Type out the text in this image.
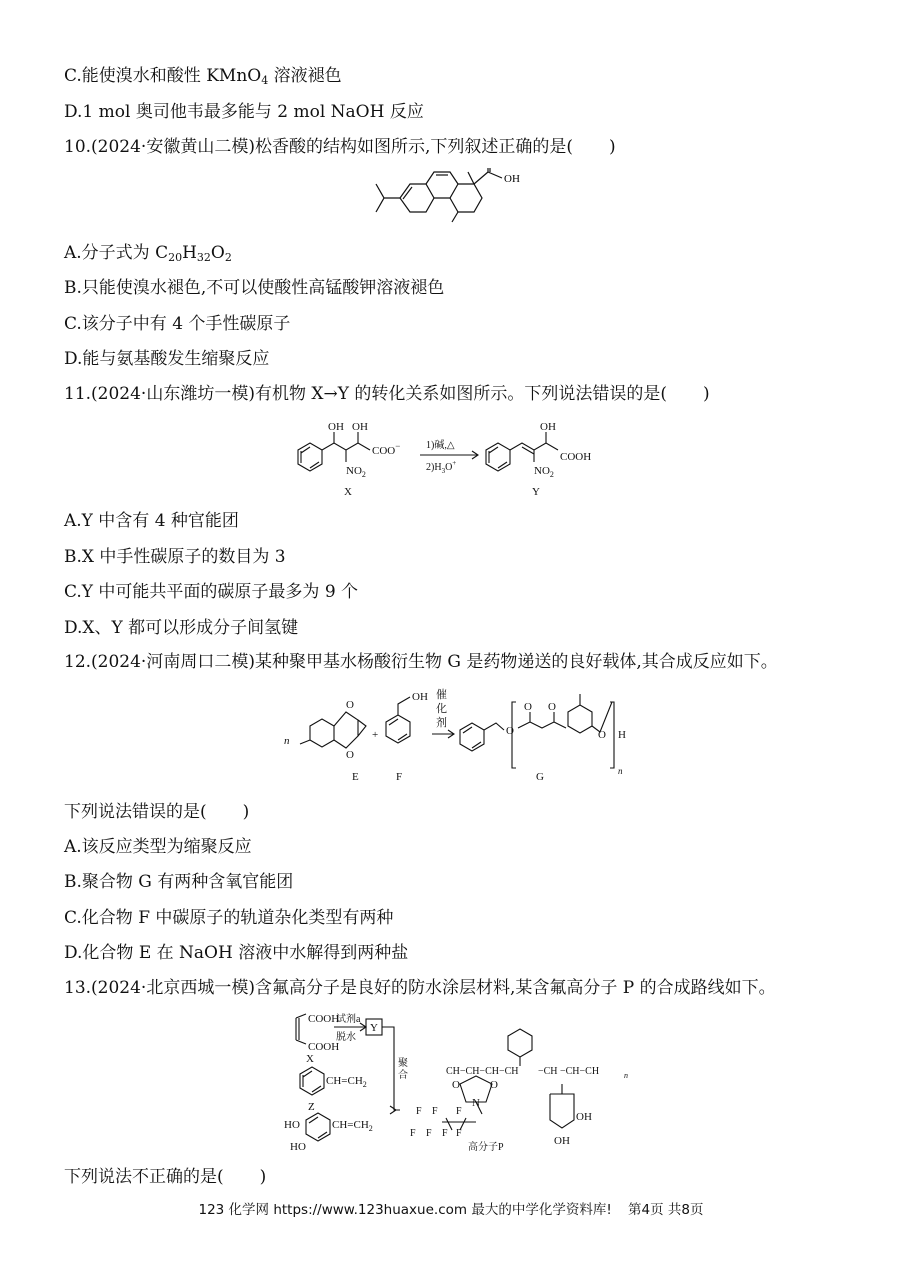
C.能使溴水和酸性 KMnO$_4$ 溶液褪色
D.1 mol 奥司他韦最多能与 2 mol NaOH 反应
10.(2024·安徽黄山二模)松香酸的结构如图所示,下列叙述正确的是( )
OH
A.分子式为 $C_{20}H_{32}O_2$
B.只能使溴水褪色,不可以使酸性高锰酸钾溶液褪色
C.该分子中有 4 个手性碳原子
D.能与氨基酸发生缩聚反应
11.(2024·山东潍坊一模)有机物 X→Y 的转化关系如图所示。下列说法错误的是( )
OH OH
COO−
$NO_2$
X
1)碱,△
$2)H_3O^+$
OH
COOH
$NO_2$
Y
A.Y 中含有 4 种官能团
B.X 中手性碳原子的数目为 3
C.Y 中可能共平面的碳原子最多为 9 个
D.X、Y 都可以形成分子间氢键
12.(2024·河南周口二模)某种聚甲基水杨酸衍生物 G 是药物递送的良好载体,其合成反应如下。
n
O
O
E
+
OH
F
催
化
剂
O
O O
O H
n
G
下列说法错误的是( )
A.该反应类型为缩聚反应
B.聚合物 G 有两种含氧官能团
C.化合物 F 中碳原子的轨道杂化类型有两种
D.化合物 E 在 NaOH 溶液中水解得到两种盐
13.(2024·北京西城一模)含氟高分子是良好的防水涂层材料,某含氟高分子 P 的合成路线如下。
COOH
COOH
X
试剂a
脱水
Y
聚
合
$CH=CH_2$
Z
HO
HO
$CH=CH_2$
CH−CH−CH−CH −CH −CH−CH	n
O	O
N
F F F
F F F F
OH
OH
高分子P
下列说法不正确的是( )
123 化学网 https://www.123huaxue.com 最大的中学化学资料库! 第4页 共8页
